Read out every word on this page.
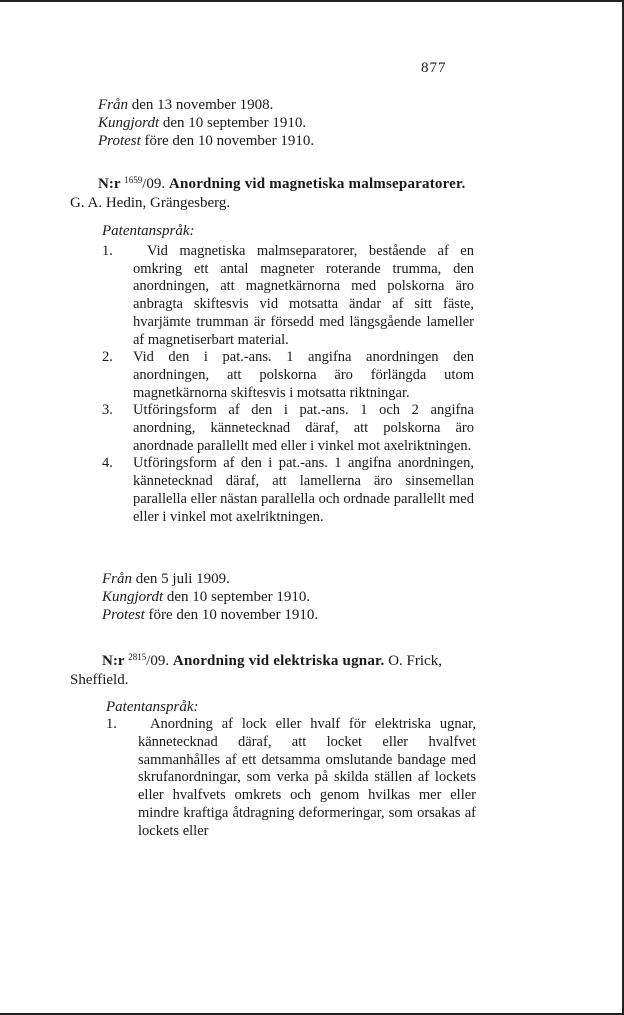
877
Från den 13 november 1908.
Kungjordt den 10 september 1910.
Protest före den 10 november 1910.
N:r $^{1659}$/09. Anordning vid magnetiska malmseparatorer. G. A. Hedin, Grängesberg.
Patentanspråk:
1. Vid magnetiska malmseparatorer, bestående af en omkring ett antal magneter roterande trumma, den anordningen, att magnetkärnorna med polskorna äro anbragta skiftesvis vid motsatta ändar af sitt fäste, hvarjämte trumman är försedd med längsgående lameller af magnetiserbart material.
2. Vid den i pat.-ans. 1 angifna anordningen den anordningen, att polskorna äro förlängda utom magnetkärnorna skiftesvis i motsatta riktningar.
3. Utföringsform af den i pat.-ans. 1 och 2 angifna anordning, kännetecknad däraf, att polskorna äro anordnade parallellt med eller i vinkel mot axelriktningen.
4. Utföringsform af den i pat.-ans. 1 angifna anordningen, kännetecknad däraf, att lamellerna äro sinsemellan parallella eller nästan parallella och ordnade parallellt med eller i vinkel mot axelriktningen.
Från den 5 juli 1909.
Kungjordt den 10 september 1910.
Protest före den 10 november 1910.
N:r $^{2815}$/09. Anordning vid elektriska ugnar. O. Frick, Sheffield.
Patentanspråk:
1. Anordning af lock eller hvalf för elektriska ugnar, kännetecknad däraf, att locket eller hvalfvet sammanhålles af ett detsamma omslutande bandage med skrufanordningar, som verka på skilda ställen af lockets eller hvalfvets omkrets och genom hvilkas mer eller mindre kraftiga åtdragning deformeringar, som orsakas af lockets eller
